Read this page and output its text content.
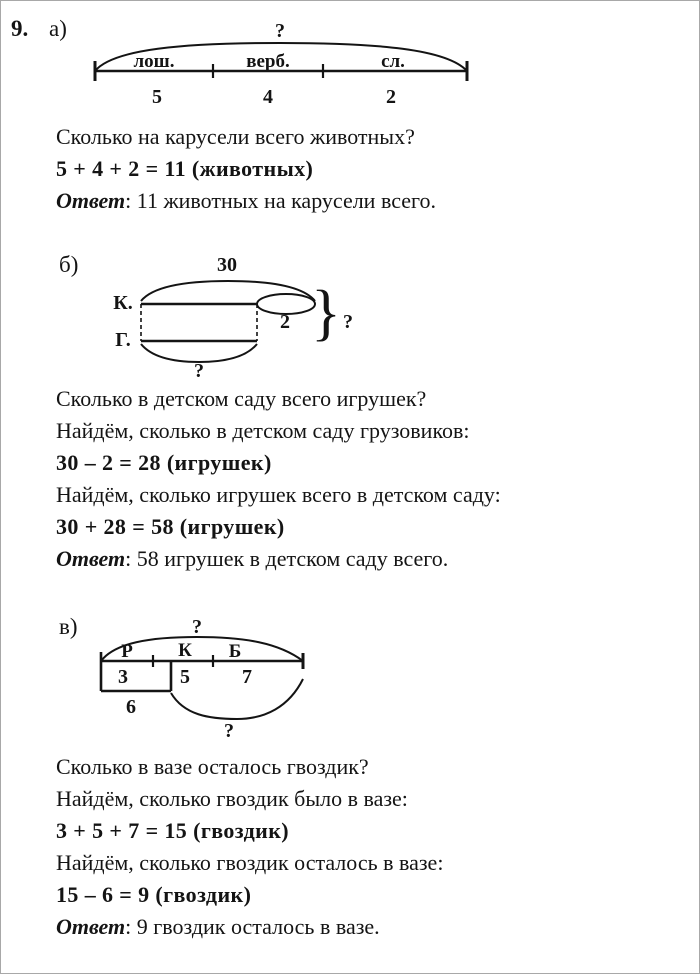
9. а)	?
лош.	верб.	сл.
5	4	2
Сколько на карусели всего животных?
5 + 4 + 2 = 11 (животных)
Ответ: 11 животных на карусели всего.
б)	30
К.
2
Г.
?
} ?
Сколько в детском саду всего игрушек?
Найдём, сколько в детском саду грузовиков:
30 – 2 = 28 (игрушек)
Найдём, сколько игрушек всего в детском саду:
30 + 28 = 58 (игрушек)
Ответ: 58 игрушек в детском саду всего.
в)	?
Р К Б
3	5	7
6
?
Сколько в вазе осталось гвоздик?
Найдём, сколько гвоздик было в вазе:
3 + 5 + 7 = 15 (гвоздик)
Найдём, сколько гвоздик осталось в вазе:
15 – 6 = 9 (гвоздик)
Ответ: 9 гвоздик осталось в вазе.
